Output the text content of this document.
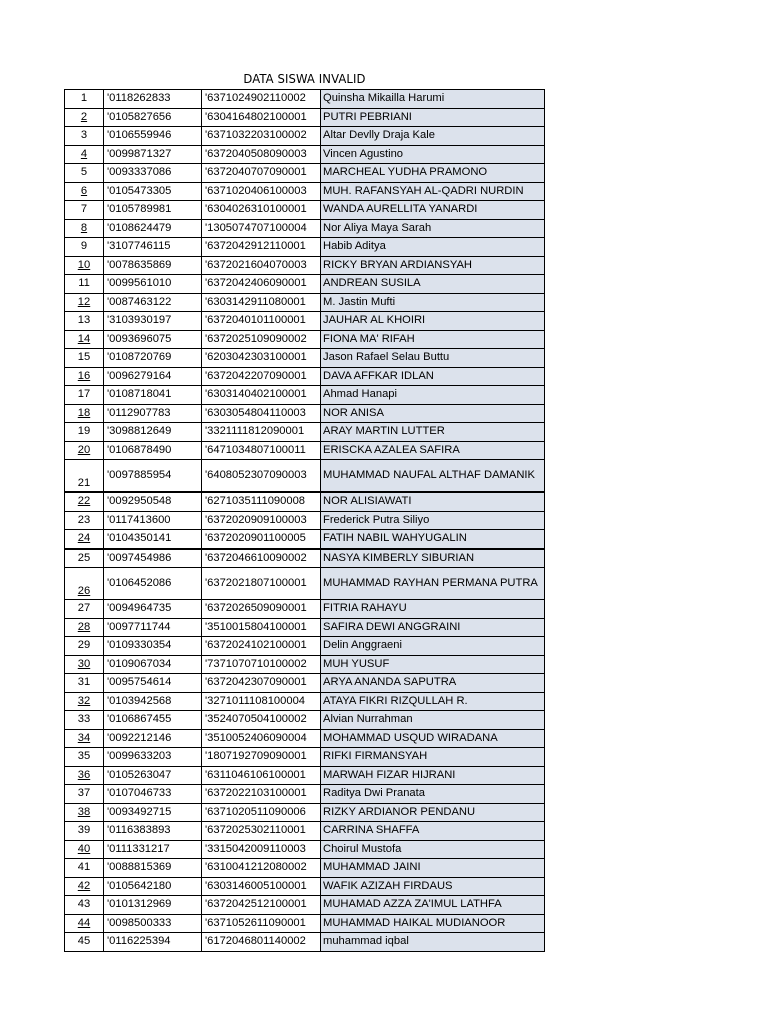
DATA SISWA INVALID
1	'0118262833	'6371024902110002	Quinsha Mikailla Harumi
2	'0105827656	'6304164802100001	PUTRI PEBRIANI
3	'0106559946	'6371032203100002	Altar Devlly Draja Kale
4	'0099871327	'6372040508090003	Vincen Agustino
5	'0093337086	'6372040707090001	MARCHEAL YUDHA PRAMONO
6	'0105473305	'6371020406100003	MUH. RAFANSYAH AL-QADRI NURDIN
7	'0105789981	'6304026310100001	WANDA AURELLITA YANARDI
8	'0108624479	'1305074707100004	Nor Aliya Maya Sarah
9	'3107746115	'6372042912110001	Habib Aditya
10	'0078635869	'6372021604070003	RICKY BRYAN ARDIANSYAH
11	'0099561010	'6372042406090001	ANDREAN SUSILA
12	'0087463122	'6303142911080001	M. Jastin Mufti
13	'3103930197	'6372040101100001	JAUHAR AL KHOIRI
14	'0093696075	'6372025109090002	FIONA MA' RIFAH
15	'0108720769	'6203042303100001	Jason Rafael Selau Buttu
16	'0096279164	'6372042207090001	DAVA AFFKAR IDLAN
17	'0108718041	'6303140402100001	Ahmad Hanapi
18	'0112907783	'6303054804110003	NOR ANISA
19	'3098812649	'3321111812090001	ARAY MARTIN LUTTER
20	'0106878490	'6471034807100011	ERISCKA AZALEA SAFIRA
21	'0097885954	'6408052307090003	MUHAMMAD NAUFAL ALTHAF DAMANIK
22	'0092950548	'6271035111090008	NOR ALISIAWATI
23	'0117413600	'6372020909100003	Frederick Putra Siliyo
24	'0104350141	'6372020901100005	FATIH NABIL WAHYUGALIN
25	'0097454986	'6372046610090002	NASYA KIMBERLY SIBURIAN
26	'0106452086	'6372021807100001	MUHAMMAD RAYHAN PERMANA PUTRA
27	'0094964735	'6372026509090001	FITRIA RAHAYU
28	'0097711744	'3510015804100001	SAFIRA DEWI ANGGRAINI
29	'0109330354	'6372024102100001	Delin Anggraeni
30	'0109067034	'7371070710100002	MUH YUSUF
31	'0095754614	'6372042307090001	ARYA ANANDA SAPUTRA
32	'0103942568	'3271011108100004	ATAYA FIKRI RIZQULLAH R.
33	'0106867455	'3524070504100002	Alvian Nurrahman
34	'0092212146	'3510052406090004	MOHAMMAD USQUD WIRADANA
35	'0099633203	'1807192709090001	RIFKI FIRMANSYAH
36	'0105263047	'6311046106100001	MARWAH FIZAR HIJRANI
37	'0107046733	'6372022103100001	Raditya Dwi Pranata
38	'0093492715	'6371020511090006	RIZKY ARDIANOR PENDANU
39	'0116383893	'6372025302110001	CARRINA SHAFFA
40	'0111331217	'3315042009110003	Choirul Mustofa
41	'0088815369	'6310041212080002	MUHAMMAD JAINI
42	'0105642180	'6303146005100001	WAFIK AZIZAH FIRDAUS
43	'0101312969	'6372042512100001	MUHAMAD AZZA ZA'IMUL LATHFA
44	'0098500333	'6371052611090001	MUHAMMAD HAIKAL MUDIANOOR
45	'0116225394	'6172046801140002	muhammad iqbal
